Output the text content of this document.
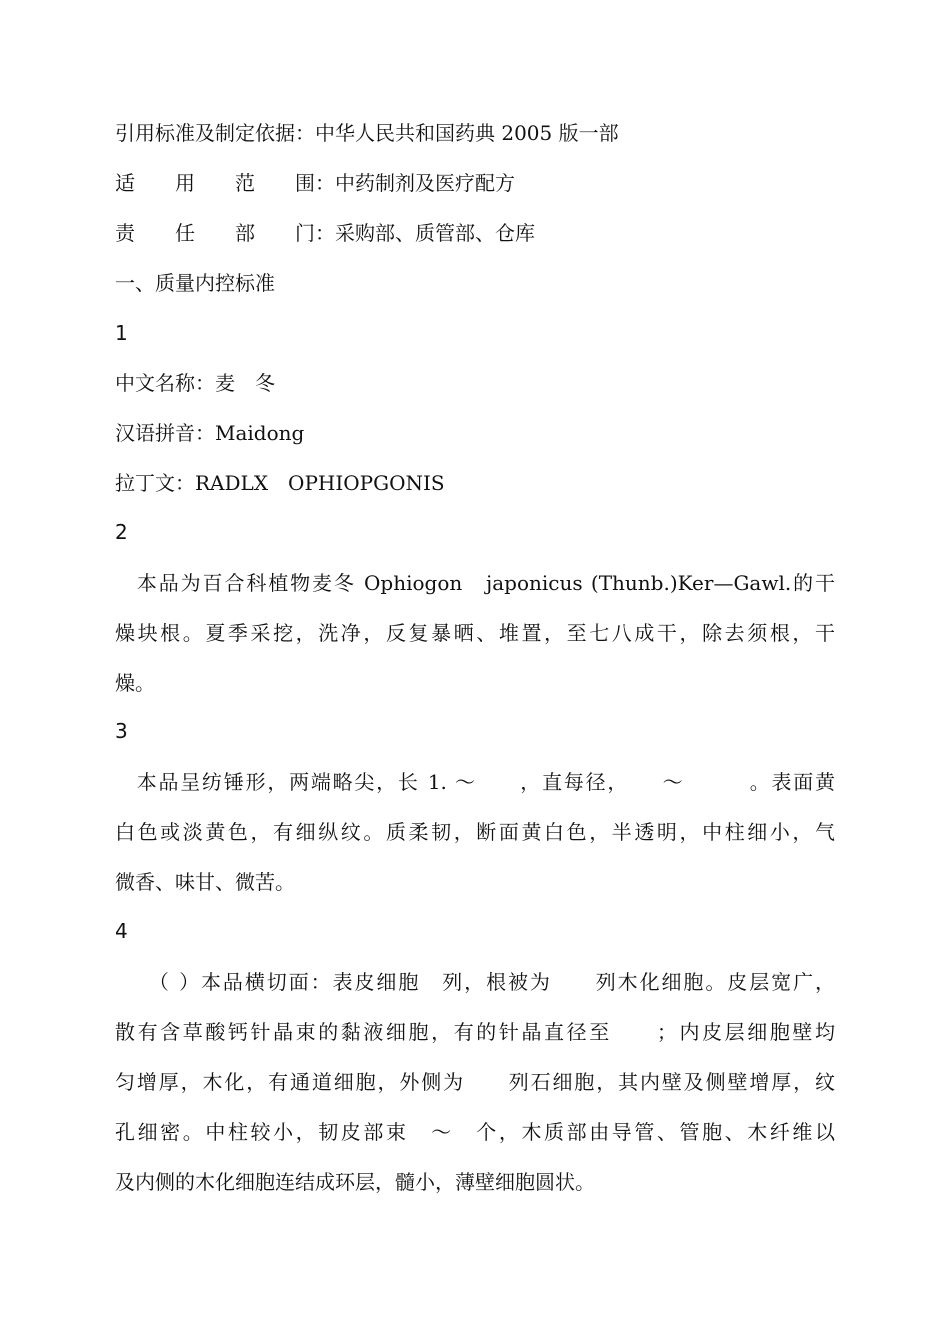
引用标准及制定依据：中华人民共和国药典 2005 版一部
适　　用　　范　　围：中药制剂及医疗配方
责　　任　　部　　门：采购部、质管部、仓库
一、质量内控标准
1
中文名称：麦　冬
汉语拼音：Maidong
拉丁文：RADLX　OPHIOPGONIS
2
　本品为百合科植物麦冬 Ophiogon　japonicus (Thunb.)Ker—Gawl.的干
燥块根。夏季采挖，洗净，反复暴晒、堆置，至七八成干，除去须根，干
燥。
3
　本品呈纺锤形，两端略尖，长 1. ～　　，直每径，　　～　　　。表面黄
白色或淡黄色，有细纵纹。质柔韧，断面黄白色，半透明，中柱细小，气
微香、味甘、微苦。
4
　　（ ）本品横切面：表皮细胞　列，根被为　　列木化细胞。皮层宽广，
散有含草酸钙针晶束的黏液细胞，有的针晶直径至　　；内皮层细胞壁均
匀增厚，木化，有通道细胞，外侧为　　列石细胞，其内壁及侧壁增厚，纹
孔细密。中柱较小，韧皮部束　～　个，木质部由导管、管胞、木纤维以
及内侧的木化细胞连结成环层，髓小，薄壁细胞圆状。
